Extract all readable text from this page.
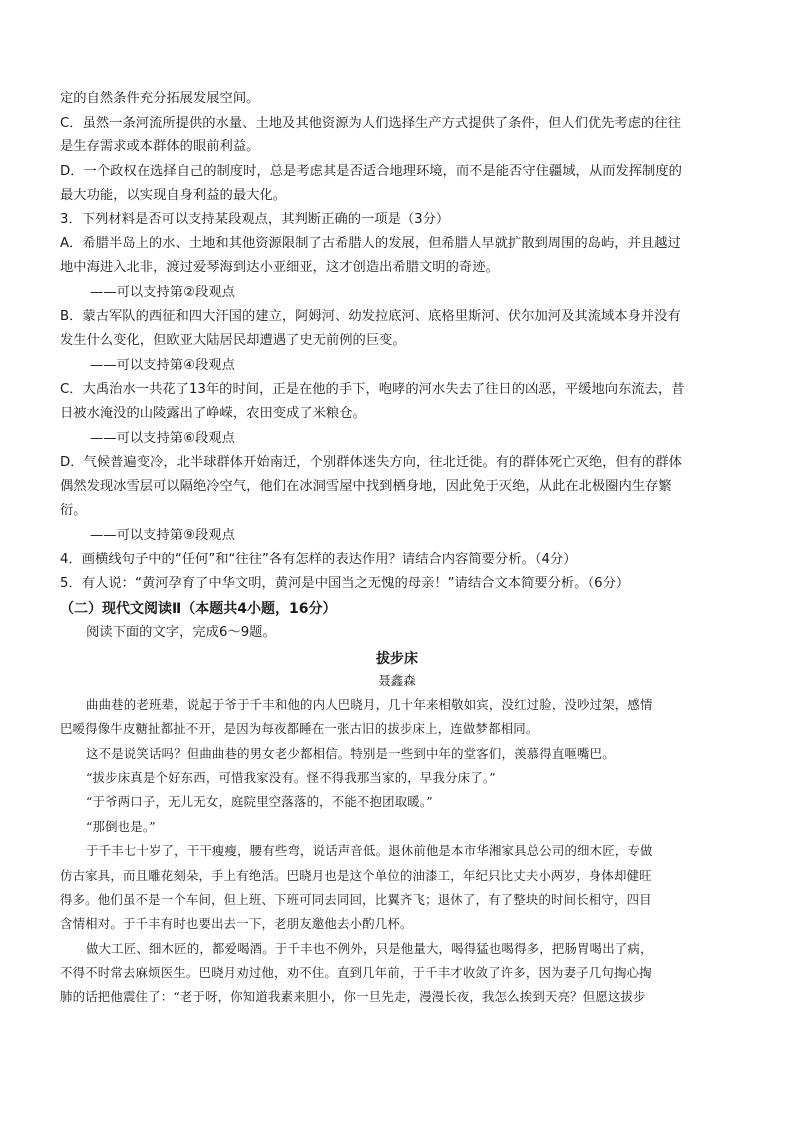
定的自然条件充分拓展发展空间。
C．虽然一条河流所提供的水量、土地及其他资源为人们选择生产方式提供了条件，但人们优先考虑的往往
是生存需求或本群体的眼前利益。
D．一个政权在选择自己的制度时，总是考虑其是否适合地理环境，而不是能否守住疆域，从而发挥制度的
最大功能，以实现自身利益的最大化。
3．下列材料是否可以支持某段观点，其判断正确的一项是（3分）
A．希腊半岛上的水、土地和其他资源限制了古希腊人的发展，但希腊人早就扩散到周围的岛屿，并且越过
地中海进入北非，渡过爱琴海到达小亚细亚，这才创造出希腊文明的奇迹。
——可以支持第②段观点
B．蒙古军队的西征和四大汗国的建立，阿姆河、幼发拉底河、底格里斯河、伏尔加河及其流域本身并没有
发生什么变化，但欧亚大陆居民却遭遇了史无前例的巨变。
——可以支持第④段观点
C．大禹治水一共花了13年的时间，正是在他的手下，咆哮的河水失去了往日的凶恶，平缓地向东流去，昔
日被水淹没的山陵露出了峥嵘，农田变成了米粮仓。
——可以支持第⑥段观点
D．气候普遍变冷，北半球群体开始南迁，个别群体迷失方向，往北迁徙。有的群体死亡灭绝，但有的群体
偶然发现冰雪层可以隔绝冷空气，他们在冰洞雪屋中找到栖身地，因此免于灭绝，从此在北极圈内生存繁
衍。
——可以支持第⑨段观点
4．画横线句子中的“任何”和“往往”各有怎样的表达作用？请结合内容简要分析。（4分）
5．有人说：“黄河孕育了中华文明，黄河是中国当之无愧的母亲！”请结合文本简要分析。（6分）
（二）现代文阅读Ⅱ（本题共4小题，16分）
阅读下面的文字，完成6～9题。
拔步床
聂鑫森
曲曲巷的老班辈，说起于爷于千丰和他的内人巴晓月，几十年来相敬如宾，没红过脸，没吵过架，感情
巴嗳得像牛皮糖扯都扯不开，是因为每夜都睡在一张古旧的拔步床上，连做梦都相同。
这不是说笑话吗？但曲曲巷的男女老少都相信。特别是一些到中年的堂客们，羡慕得直咂嘴巴。
“拔步床真是个好东西，可惜我家没有。怪不得我那当家的，早我分床了。”
“于爷两口子，无儿无女，庭院里空落落的，不能不抱团取暖。”
“那倒也是。”
于千丰七十岁了，干干瘦瘦，腰有些弯，说话声音低。退休前他是本市华湘家具总公司的细木匠，专做
仿古家具，而且雕花刻朵，手上有绝活。巴晓月也是这个单位的油漆工，年纪只比丈夫小两岁，身体却健旺
得多。他们虽不是一个车间，但上班、下班可同去同回，比翼齐飞；退休了，有了整块的时间长相守，四目
含情相对。于千丰有时也要出去一下，老朋友邀他去小酌几杯。
做大工匠、细木匠的，都爱喝酒。于千丰也不例外，只是他量大，喝得猛也喝得多，把肠胃喝出了病，
不得不时常去麻烦医生。巴晓月劝过他，劝不住。直到几年前，于千丰才收敛了许多，因为妻子几句掏心掏
肺的话把他震住了：“老于呀，你知道我素来胆小，你一旦先走，漫漫长夜，我怎么挨到天亮？但愿这拔步
